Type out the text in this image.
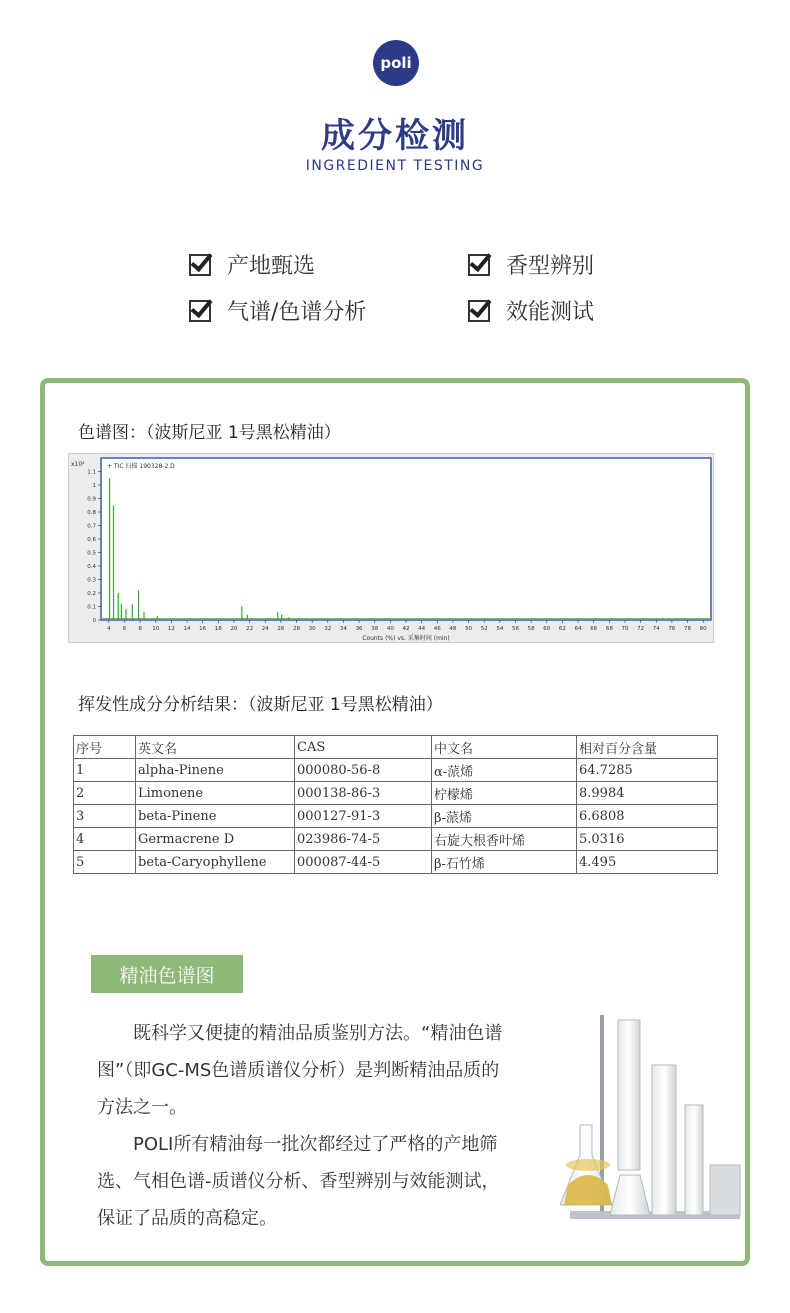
poli
成分检测
INGREDIENT TESTING
产地甄选	香型辨别
气谱/色谱分析	效能测试
色谱图：（波斯尼亚 1号黑松精油）
+ TIC 扫描 190328-2.D
x10²
0
0.1
0.2
0.3
0.4
0.5
0.6
0.7
0.8
0.9
1
1.1
4 6 8 10 12 14 16 18 20 22 24 26 28 30 32 34 36 38 40 42 44 46 48 50 52 54 56 58 60 62 64 66 68 70 72 74 76 78 80
Counts (%) vs. 采集时间 (min)
挥发性成分分析结果：（波斯尼亚 1号黑松精油）
序号	英文名	CAS	中文名	相对百分含量
1	alpha-Pinene	000080-56-8	α-蒎烯	64.7285
2	Limonene	000138-86-3	柠檬烯	8.9984
3	beta-Pinene	000127-91-3	β-蒎烯	6.6808
4	Germacrene D	023986-74-5	右旋大根香叶烯	5.0316
5	beta-Caryophyllene	000087-44-5	β-石竹烯	4.495
精油色谱图

　　既科学又便捷的精油品质鉴别方法。“精油色谱图”（即GC-MS色谱质谱仪分析）是判断精油品质的方法之一。

　　POLI所有精油每一批次都经过了严格的产地筛选、气相色谱-质谱仪分析、香型辨别与效能测试，保证了品质的高稳定。
